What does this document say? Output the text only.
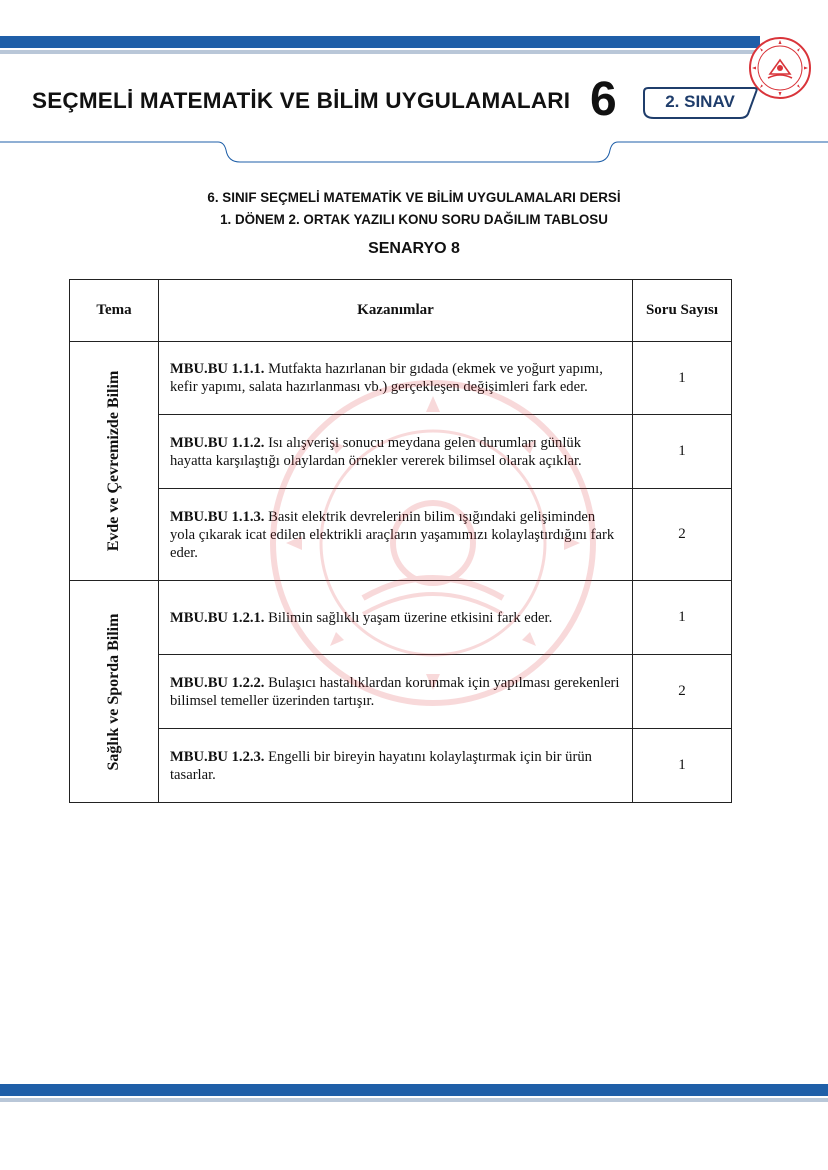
SEÇMELİ MATEMATİK VE BİLİM UYGULAMALARI 6	2. SINAV
6. SINIF SEÇMELİ MATEMATİK VE BİLİM UYGULAMALARI DERSİ
1. DÖNEM 2. ORTAK YAZILI KONU SORU DAĞILIM TABLOSU
SENARYO 8
Tema	Kazanımlar	Soru Sayısı

Evde ve Çevremizde Bilim	MBU.BU 1.1.1. Mutfakta hazırlanan bir gıdada (ekmek ve yoğurt yapımı, kefir yapımı, salata hazırlanması vb.) gerçekleşen değişimleri fark eder.	1
	MBU.BU 1.1.2. Isı alışverişi sonucu meydana gelen durumları günlük hayatta karşılaştığı olaylardan örnekler vererek bilimsel olarak açıklar.	1
	MBU.BU 1.1.3. Basit elektrik devrelerinin bilim ışığındaki gelişiminden yola çıkarak icat edilen elektrikli araçların yaşamımızı kolaylaştırdığını fark eder.	2

Sağlık ve Sporda Bilim	MBU.BU 1.2.1. Bilimin sağlıklı yaşam üzerine etkisini fark eder.	1
	MBU.BU 1.2.2. Bulaşıcı hastalıklardan korunmak için yapılması gerekenleri bilimsel temeller üzerinden tartışır.	2
	MBU.BU 1.2.3. Engelli bir bireyin hayatını kolaylaştırmak için bir ürün tasarlar.	1
